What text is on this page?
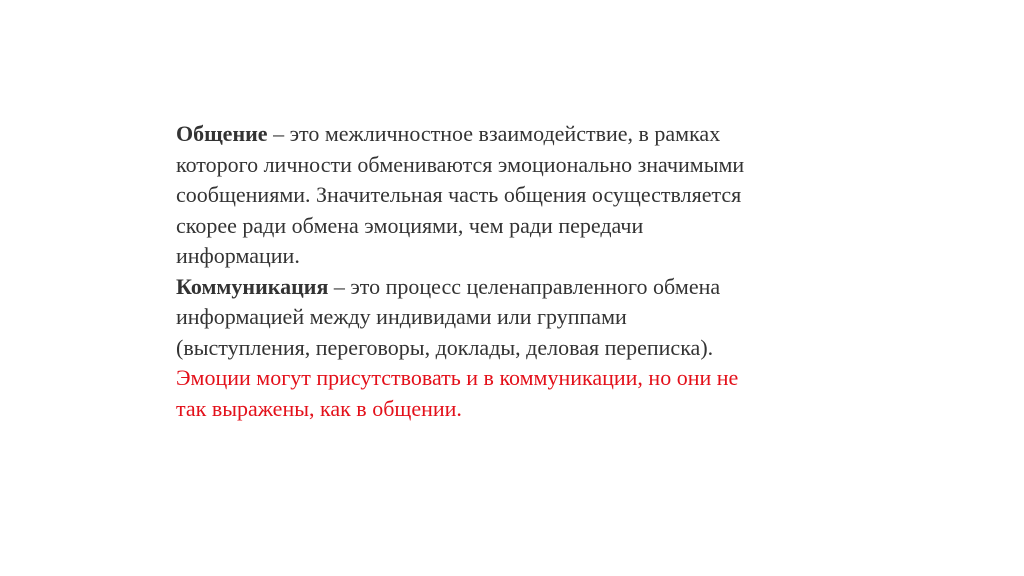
Общение – это межличностное взаимодействие, в рамках
которого личности обмениваются эмоционально значимыми
сообщениями. Значительная часть общения осуществляется
скорее ради обмена эмоциями, чем ради передачи
информации.

Коммуникация – это процесс целенаправленного обмена
информацией между индивидами или группами
(выступления, переговоры, доклады, деловая переписка).

Эмоции могут присутствовать и в коммуникации, но они не
так выражены, как в общении.
